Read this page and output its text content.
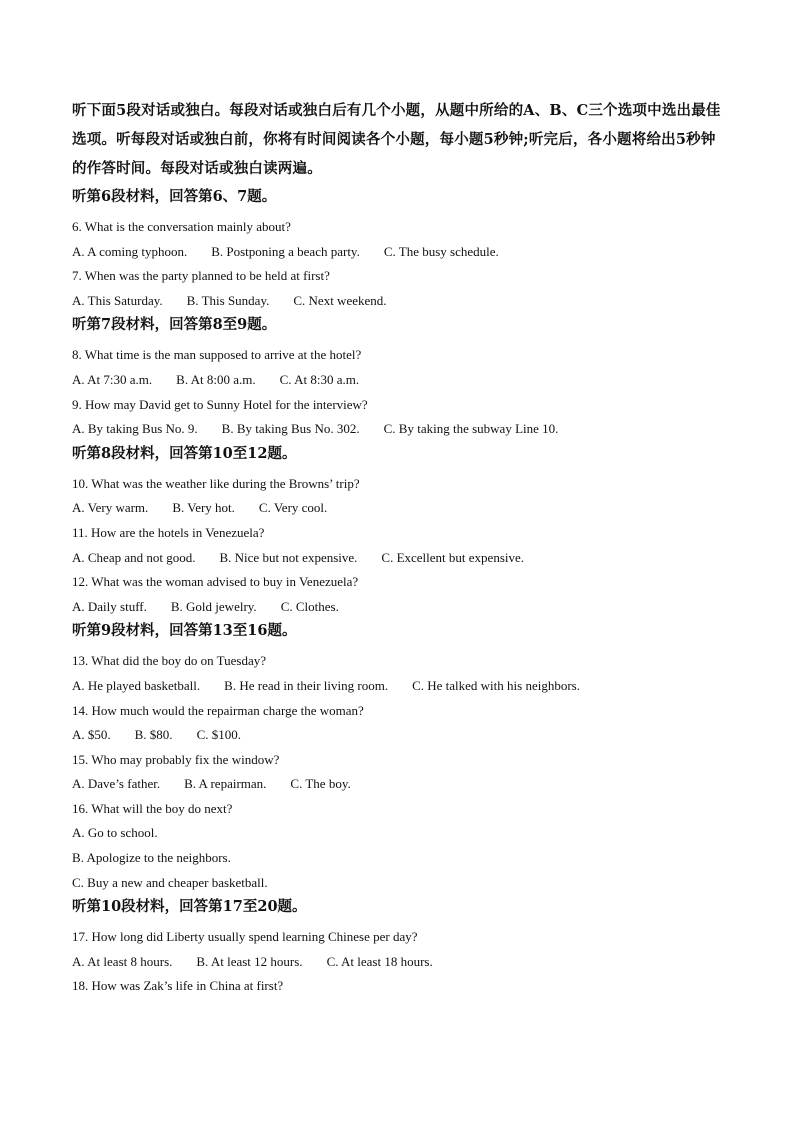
听下面5段对话或独白。每段对话或独白后有几个小题，从题中所给的A、B、C三个选项中选出最佳选项。听每段对话或独白前，你将有时间阅读各个小题，每小题5秒钟;听完后，各小题将给出5秒钟的作答时间。每段对话或独白读两遍。

听第6段材料，回答第6、7题。

6. What is the conversation mainly about?

A. A coming typhoon. B. Postponing a beach party. C. The busy schedule.

7. When was the party planned to be held at first?

A. This Saturday. B. This Sunday. C. Next weekend.

听第7段材料，回答第8至9题。

8. What time is the man supposed to arrive at the hotel?

A. At 7:30 a.m. B. At 8:00 a.m. C. At 8:30 a.m.

9. How may David get to Sunny Hotel for the interview?

A. By taking Bus No. 9. B. By taking Bus No. 302. C. By taking the subway Line 10.

听第8段材料，回答第10至12题。

10. What was the weather like during the Browns’ trip?

A. Very warm. B. Very hot. C. Very cool.

11. How are the hotels in Venezuela?

A. Cheap and not good. B. Nice but not expensive. C. Excellent but expensive.

12. What was the woman advised to buy in Venezuela?

A. Daily stuff. B. Gold jewelry. C. Clothes.

听第9段材料，回答第13至16题。

13. What did the boy do on Tuesday?

A. He played basketball. B. He read in their living room. C. He talked with his neighbors.

14. How much would the repairman charge the woman?

A. $50. B. $80. C. $100.

15. Who may probably fix the window?

A. Dave’s father. B. A repairman. C. The boy.

16. What will the boy do next?

A. Go to school.

B. Apologize to the neighbors.

C. Buy a new and cheaper basketball.

听第10段材料，回答第17至20题。

17. How long did Liberty usually spend learning Chinese per day?

A. At least 8 hours. B. At least 12 hours. C. At least 18 hours.

18. How was Zak’s life in China at first?
